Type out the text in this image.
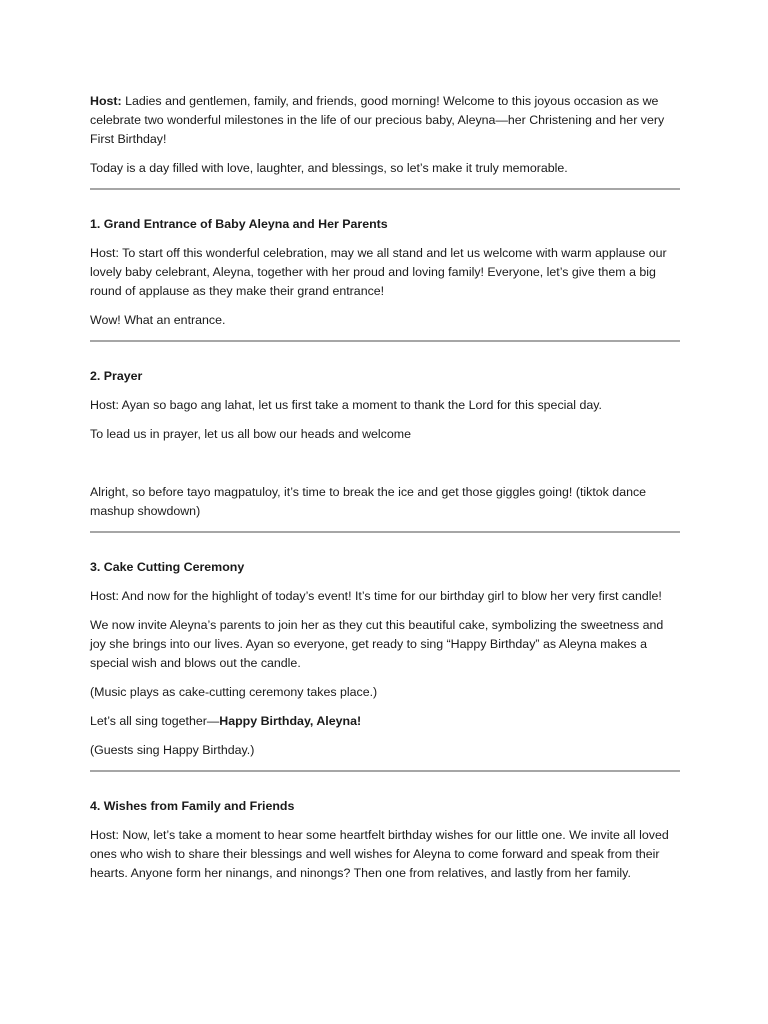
Host: Ladies and gentlemen, family, and friends, good morning! Welcome to this joyous occasion as we celebrate two wonderful milestones in the life of our precious baby, Aleyna—her Christening and her very First Birthday!

Today is a day filled with love, laughter, and blessings, so let’s make it truly memorable.

1. Grand Entrance of Baby Aleyna and Her Parents

Host: To start off this wonderful celebration, may we all stand and let us welcome with warm applause our lovely baby celebrant, Aleyna, together with her proud and loving family! Everyone, let’s give them a big round of applause as they make their grand entrance!

Wow! What an entrance.

2. Prayer

Host: Ayan so bago ang lahat, let us first take a moment to thank the Lord for this special day.

To lead us in prayer, let us all bow our heads and welcome

Alright, so before tayo magpatuloy, it’s time to break the ice and get those giggles going! (tiktok dance mashup showdown)

3. Cake Cutting Ceremony

Host: And now for the highlight of today’s event! It’s time for our birthday girl to blow her very first candle!

We now invite Aleyna’s parents to join her as they cut this beautiful cake, symbolizing the sweetness and joy she brings into our lives. Ayan so everyone, get ready to sing “Happy Birthday” as Aleyna makes a special wish and blows out the candle.

(Music plays as cake-cutting ceremony takes place.)

Let’s all sing together—Happy Birthday, Aleyna!

(Guests sing Happy Birthday.)

4. Wishes from Family and Friends

Host: Now, let’s take a moment to hear some heartfelt birthday wishes for our little one. We invite all loved ones who wish to share their blessings and well wishes for Aleyna to come forward and speak from their hearts. Anyone form her ninangs, and ninongs? Then one from relatives, and lastly from her family.
